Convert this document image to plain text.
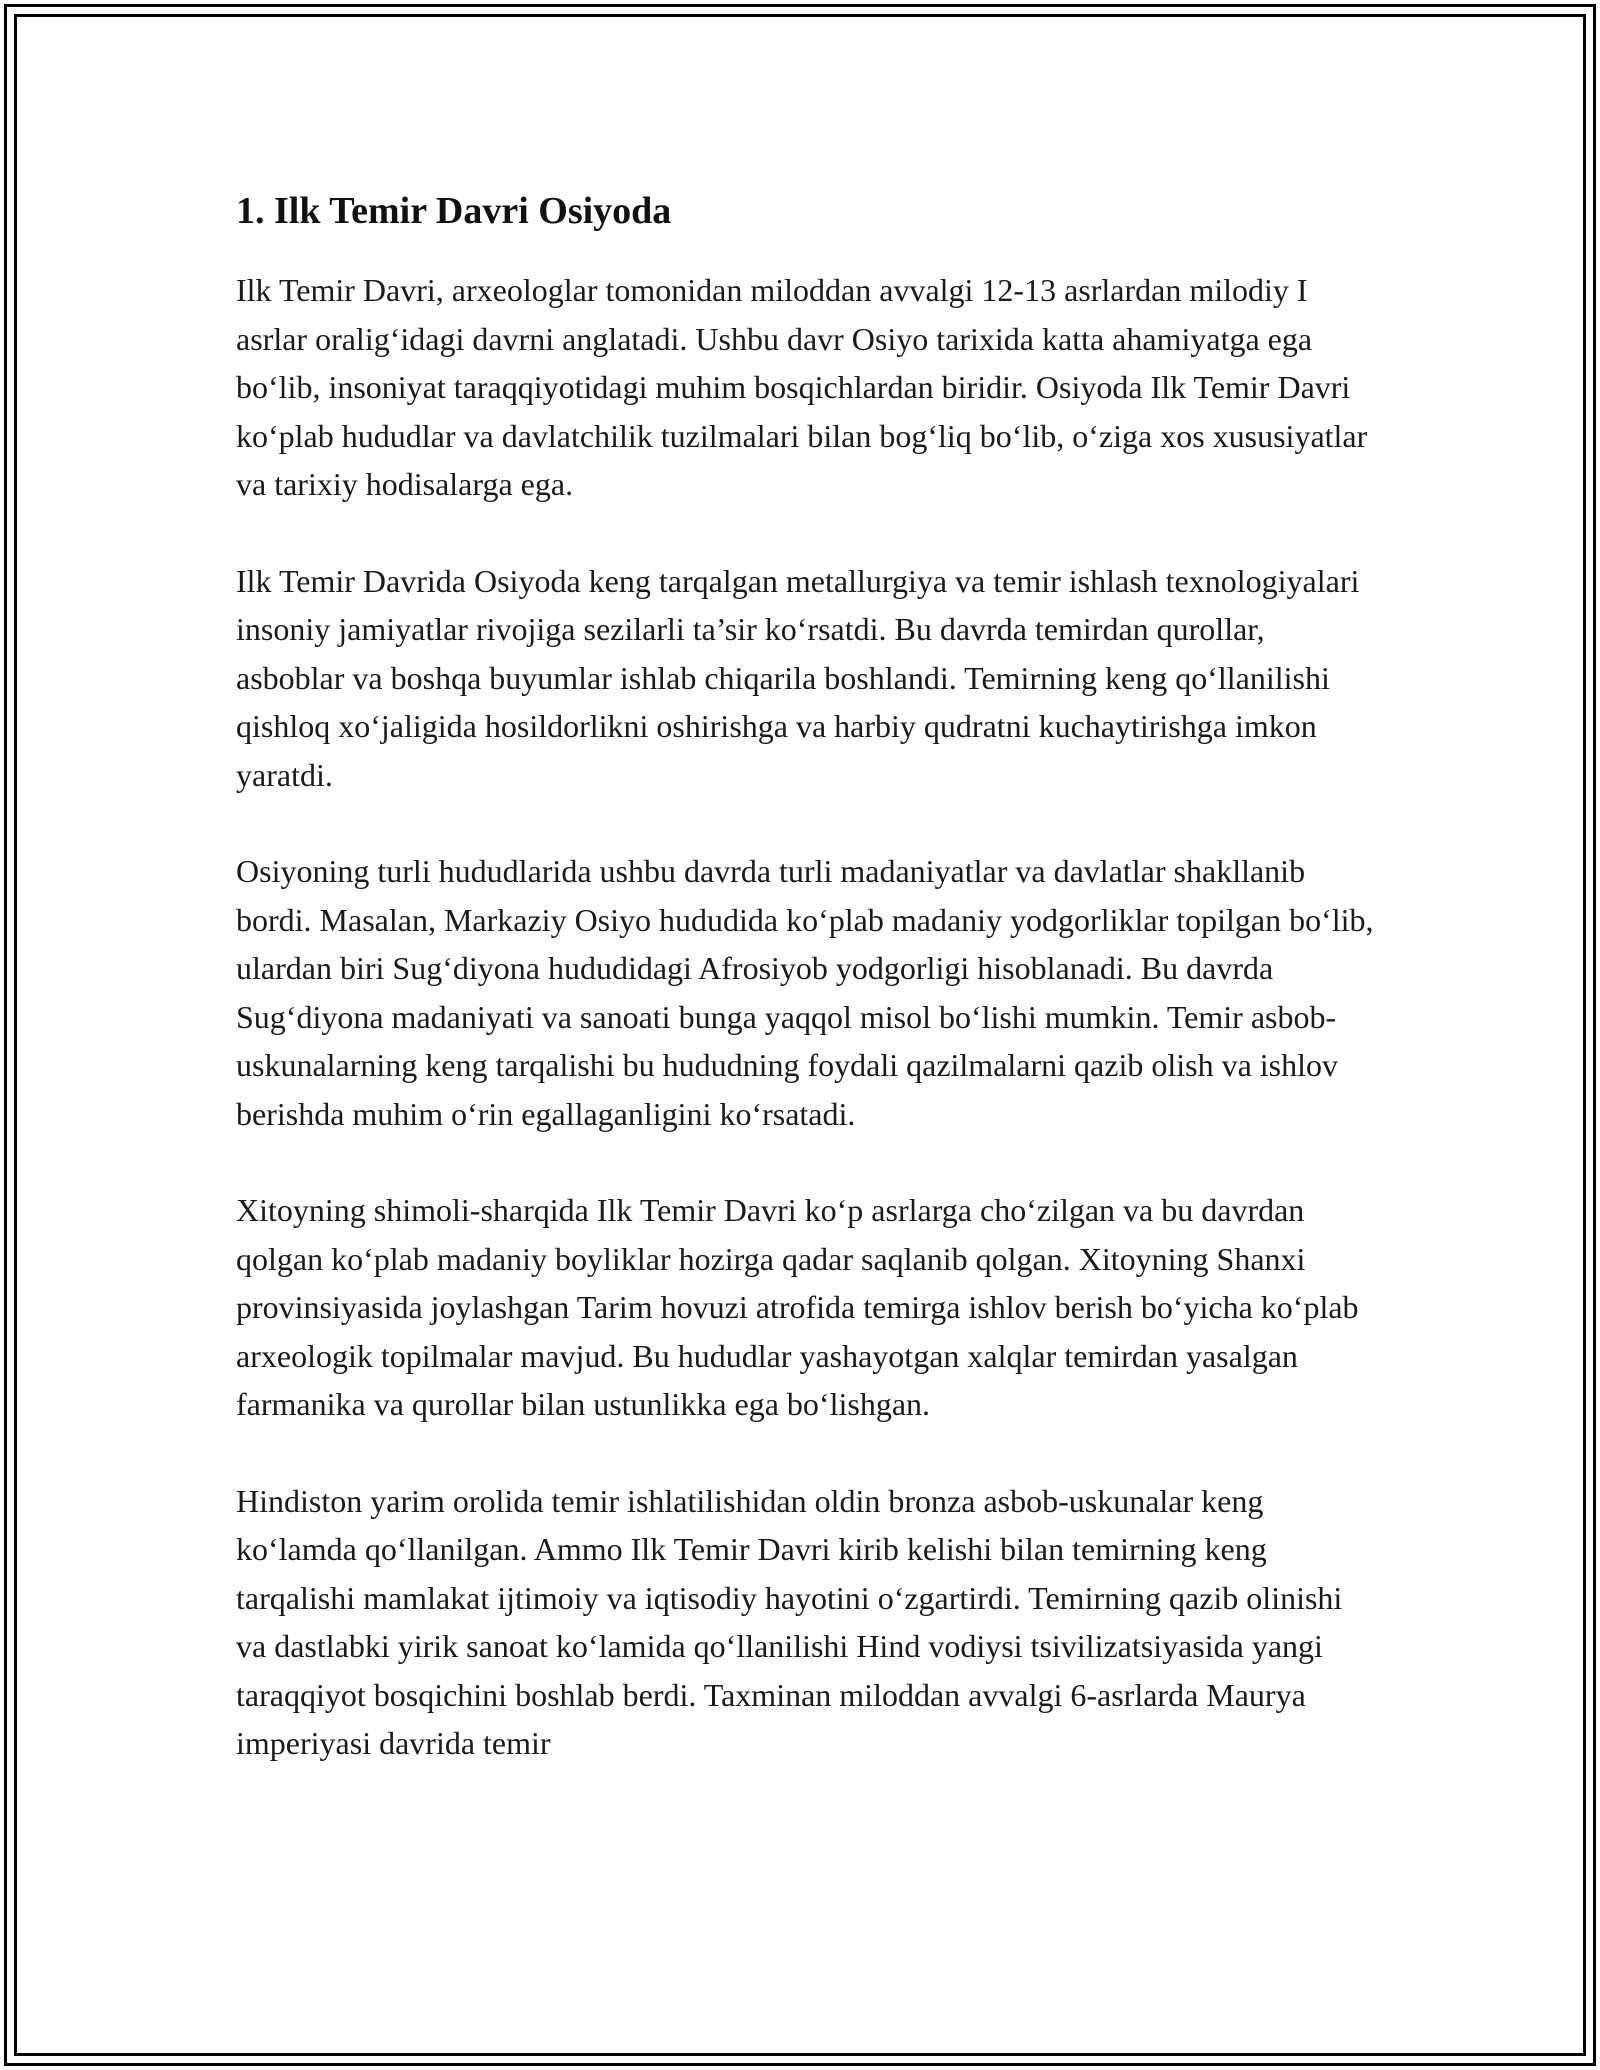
1. Ilk Temir Davri Osiyoda

Ilk Temir Davri, arxeologlar tomonidan miloddan avvalgi 12-13 asrlardan milodiy I asrlar oralig‘idagi davrni anglatadi. Ushbu davr Osiyo tarixida katta ahamiyatga ega bo‘lib, insoniyat taraqqiyotidagi muhim bosqichlardan biridir. Osiyoda Ilk Temir Davri ko‘plab hududlar va davlatchilik tuzilmalari bilan bog‘liq bo‘lib, o‘ziga xos xususiyatlar va tarixiy hodisalarga ega.

Ilk Temir Davrida Osiyoda keng tarqalgan metallurgiya va temir ishlash texnologiyalari insoniy jamiyatlar rivojiga sezilarli ta’sir ko‘rsatdi. Bu davrda temirdan qurollar, asboblar va boshqa buyumlar ishlab chiqarila boshlandi. Temirning keng qo‘llanilishi qishloq xo‘jaligida hosildorlikni oshirishga va harbiy qudratni kuchaytirishga imkon yaratdi.

Osiyoning turli hududlarida ushbu davrda turli madaniyatlar va davlatlar shakllanib bordi. Masalan, Markaziy Osiyo hududida ko‘plab madaniy yodgorliklar topilgan bo‘lib, ulardan biri Sug‘diyona hududidagi Afrosiyob yodgorligi hisoblanadi. Bu davrda Sug‘diyona madaniyati va sanoati bunga yaqqol misol bo‘lishi mumkin. Temir asbob-uskunalarning keng tarqalishi bu hududning foydali qazilmalarni qazib olish va ishlov berishda muhim o‘rin egallaganligini ko‘rsatadi.

Xitoyning shimoli-sharqida Ilk Temir Davri ko‘p asrlarga cho‘zilgan va bu davrdan qolgan ko‘plab madaniy boyliklar hozirga qadar saqlanib qolgan. Xitoyning Shanxi provinsiyasida joylashgan Tarim hovuzi atrofida temirga ishlov berish bo‘yicha ko‘plab arxeologik topilmalar mavjud. Bu hududlar yashayotgan xalqlar temirdan yasalgan farmanika va qurollar bilan ustunlikka ega bo‘lishgan.

Hindiston yarim orolida temir ishlatilishidan oldin bronza asbob-uskunalar keng ko‘lamda qo‘llanilgan. Ammo Ilk Temir Davri kirib kelishi bilan temirning keng tarqalishi mamlakat ijtimoiy va iqtisodiy hayotini o‘zgartirdi. Temirning qazib olinishi va dastlabki yirik sanoat ko‘lamida qo‘llanilishi Hind vodiysi tsivilizatsiyasida yangi taraqqiyot bosqichini boshlab berdi. Taxminan miloddan avvalgi 6-asrlarda Maurya imperiyasi davrida temir
